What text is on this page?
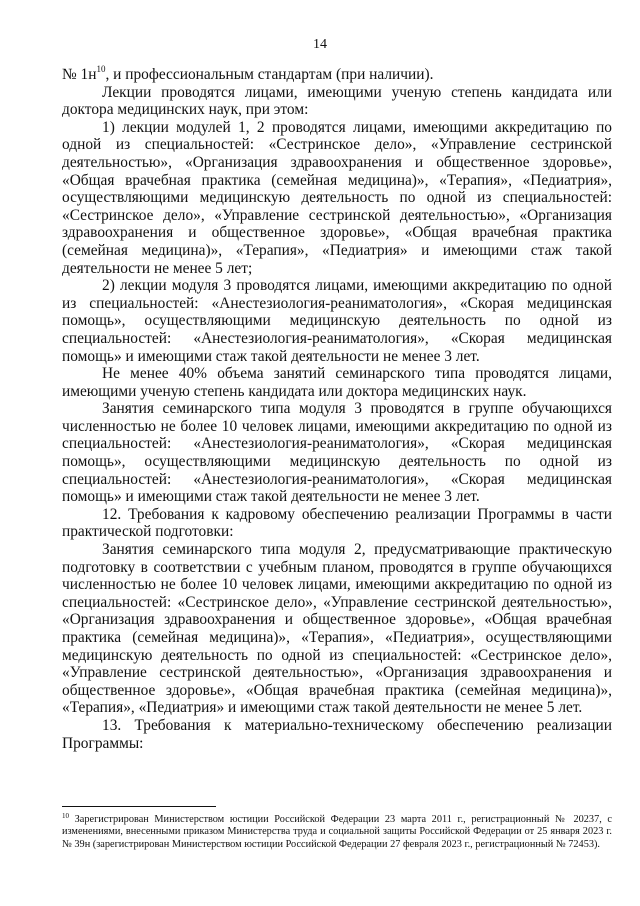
14

№ $1н^{10}$, и профессиональным стандартам (при наличии).

Лекции проводятся лицами, имеющими ученую степень кандидата или доктора медицинских наук, при этом:

1) лекции модулей 1, 2 проводятся лицами, имеющими аккредитацию по одной из специальностей: «Сестринское дело», «Управление сестринской деятельностью», «Организация здравоохранения и общественное здоровье», «Общая врачебная практика (семейная медицина)», «Терапия», «Педиатрия», осуществляющими медицинскую деятельность по одной из специальностей: «Сестринское дело», «Управление сестринской деятельностью», «Организация здравоохранения и общественное здоровье», «Общая врачебная практика (семейная медицина)», «Терапия», «Педиатрия» и имеющими стаж такой деятельности не менее 5 лет;

2) лекции модуля 3 проводятся лицами, имеющими аккредитацию по одной из специальностей: «Анестезиология-реаниматология», «Скорая медицинская помощь», осуществляющими медицинскую деятельность по одной из специальностей: «Анестезиология-реаниматология», «Скорая медицинская помощь» и имеющими стаж такой деятельности не менее 3 лет.

Не менее 40% объема занятий семинарского типа проводятся лицами, имеющими ученую степень кандидата или доктора медицинских наук.

Занятия семинарского типа модуля 3 проводятся в группе обучающихся численностью не более 10 человек лицами, имеющими аккредитацию по одной из специальностей: «Анестезиология-реаниматология», «Скорая медицинская помощь», осуществляющими медицинскую деятельность по одной из специальностей: «Анестезиология-реаниматология», «Скорая медицинская помощь» и имеющими стаж такой деятельности не менее 3 лет.

12. Требования к кадровому обеспечению реализации Программы в части практической подготовки:

Занятия семинарского типа модуля 2, предусматривающие практическую подготовку в соответствии с учебным планом, проводятся в группе обучающихся численностью не более 10 человек лицами, имеющими аккредитацию по одной из специальностей: «Сестринское дело», «Управление сестринской деятельностью», «Организация здравоохранения и общественное здоровье», «Общая врачебная практика (семейная медицина)», «Терапия», «Педиатрия», осуществляющими медицинскую деятельность по одной из специальностей: «Сестринское дело», «Управление сестринской деятельностью», «Организация здравоохранения и общественное здоровье», «Общая врачебная практика (семейная медицина)», «Терапия», «Педиатрия» и имеющими стаж такой деятельности не менее 5 лет.

13. Требования к материально-техническому обеспечению реализации Программы:

$^{10}$ Зарегистрирован Министерством юстиции Российской Федерации 23 марта 2011 г., регистрационный № 20237, с изменениями, внесенными приказом Министерства труда и социальной защиты Российской Федерации от 25 января 2023 г. № 39н (зарегистрирован Министерством юстиции Российской Федерации 27 февраля 2023 г., регистрационный № 72453).
